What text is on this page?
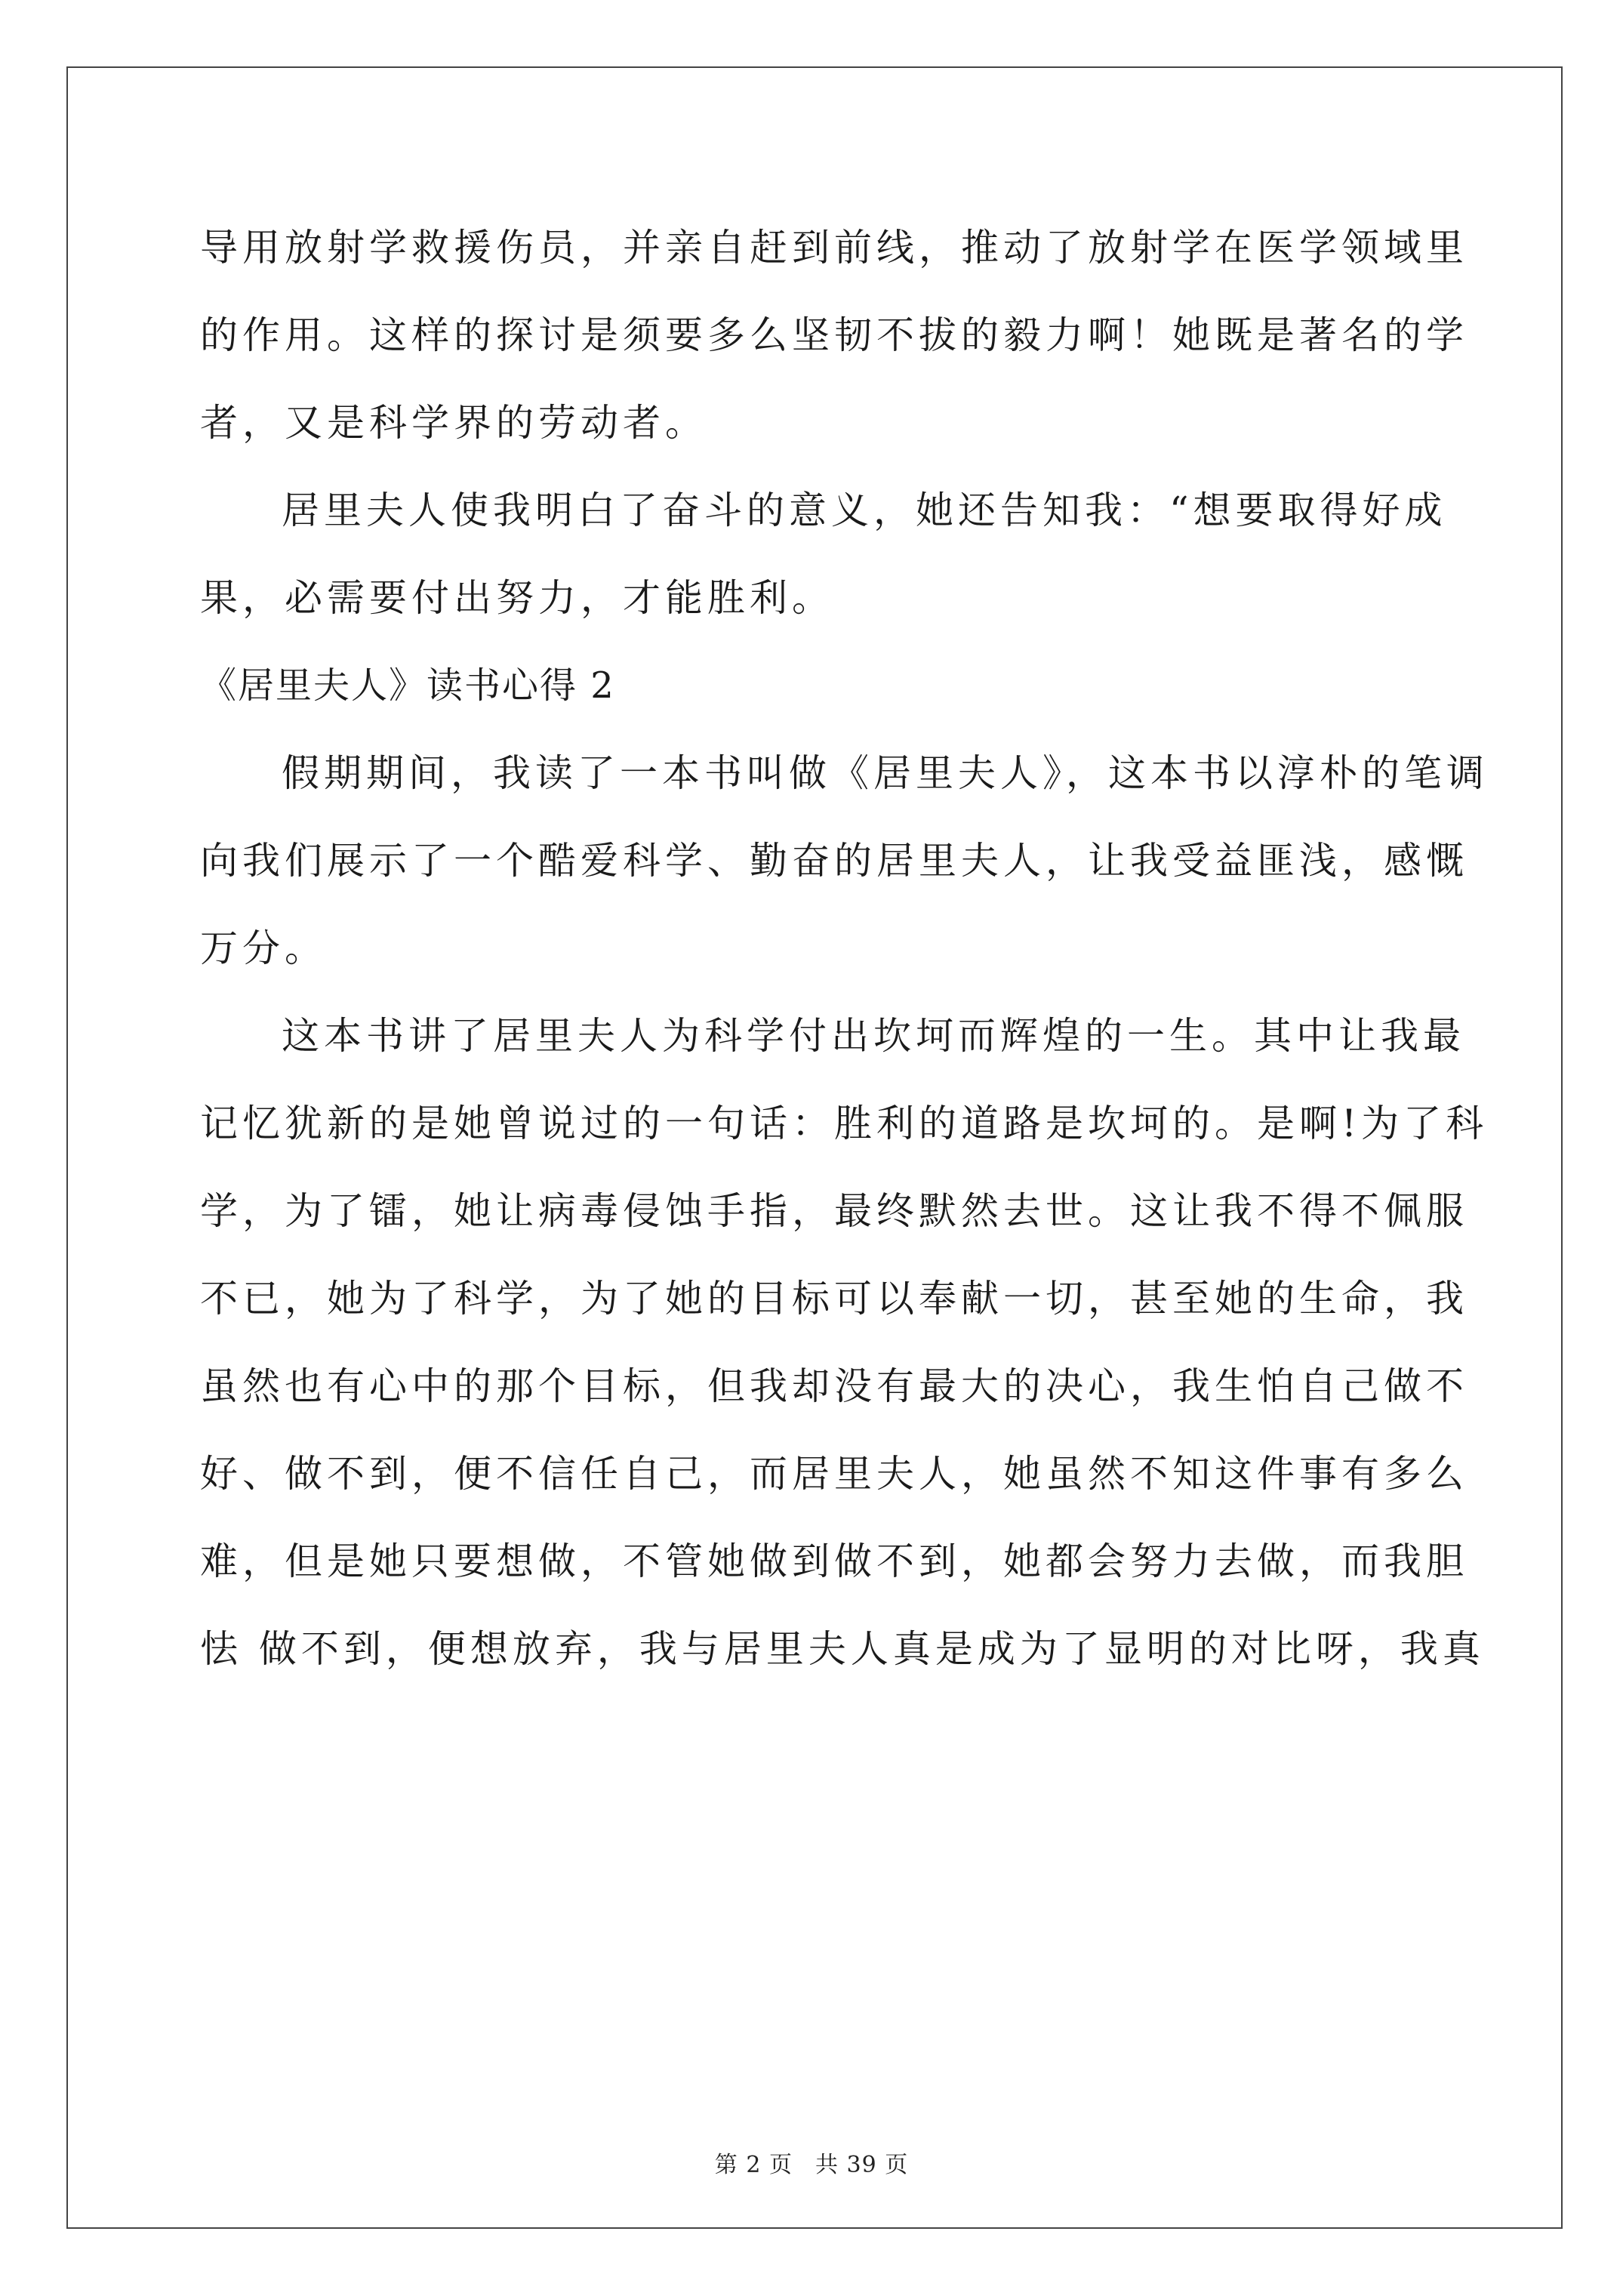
导用放射学救援伤员，并亲自赶到前线，推动了放射学在医学领域里
的作用。这样的探讨是须要多么坚韧不拔的毅力啊！她既是著名的学
者，又是科学界的劳动者。
居里夫人使我明白了奋斗的意义，她还告知我：“想要取得好成
果，必需要付出努力，才能胜利。
《居里夫人》读书心得 2
假期期间，我读了一本书叫做《居里夫人》，这本书以淳朴的笔调
向我们展示了一个酷爱科学、勤奋的居里夫人，让我受益匪浅，感慨
万分。
这本书讲了居里夫人为科学付出坎坷而辉煌的一生。其中让我最
记忆犹新的是她曾说过的一句话：胜利的道路是坎坷的。是啊!为了科
学，为了镭，她让病毒侵蚀手指，最终默然去世。这让我不得不佩服
不已，她为了科学，为了她的目标可以奉献一切，甚至她的生命，我
虽然也有心中的那个目标，但我却没有最大的决心，我生怕自己做不
好、做不到，便不信任自己，而居里夫人，她虽然不知这件事有多么
难，但是她只要想做，不管她做到做不到，她都会努力去做，而我胆
怯 做不到，便想放弃，我与居里夫人真是成为了显明的对比呀，我真
第 2 页 共 39 页
